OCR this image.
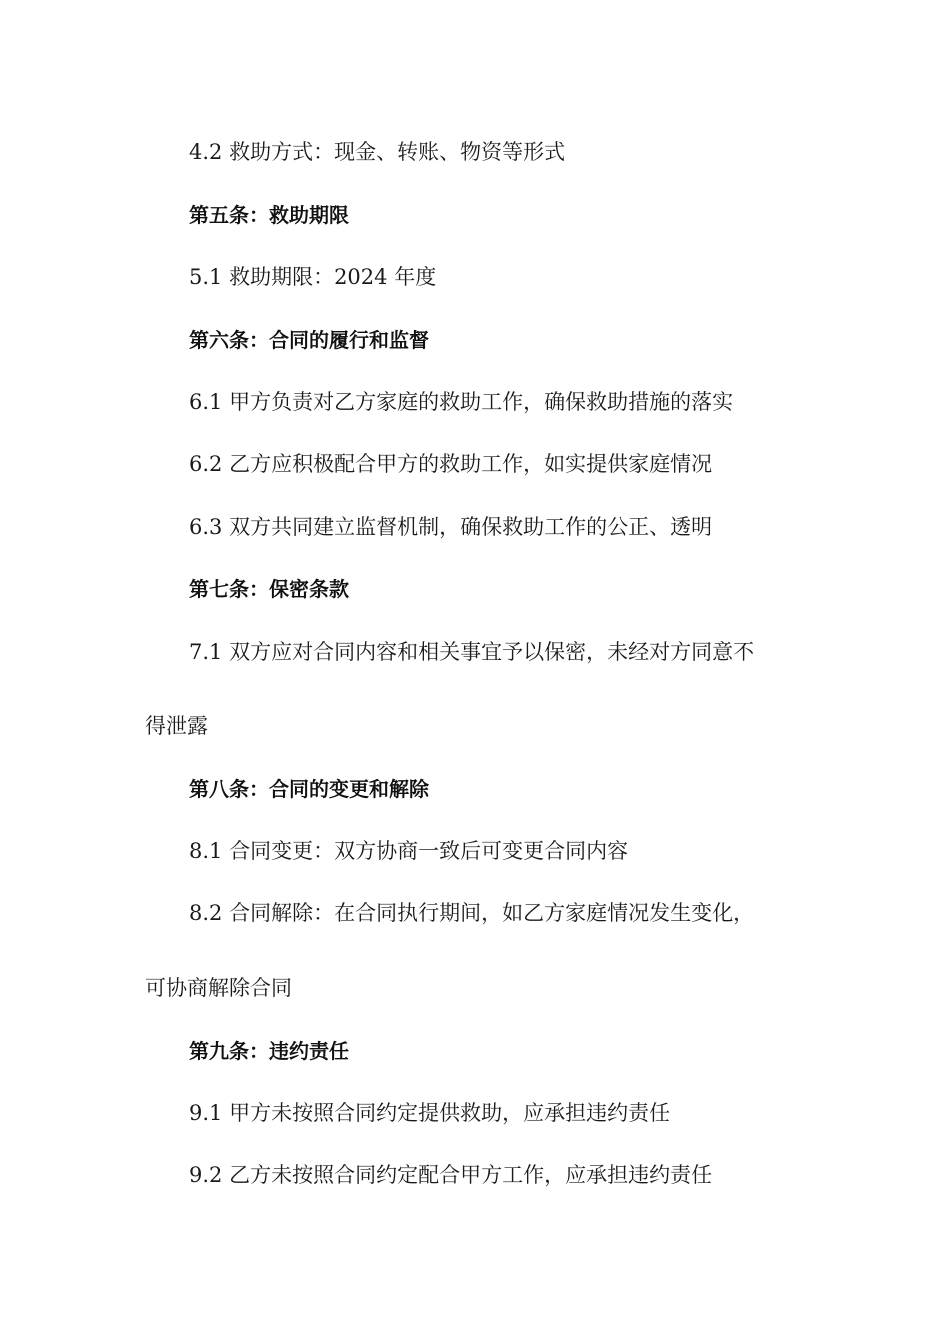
4.2 救助方式：现金、转账、物资等形式
第五条：救助期限
5.1 救助期限：2024 年度
第六条：合同的履行和监督
6.1 甲方负责对乙方家庭的救助工作，确保救助措施的落实
6.2 乙方应积极配合甲方的救助工作，如实提供家庭情况
6.3 双方共同建立监督机制，确保救助工作的公正、透明
第七条：保密条款
7.1 双方应对合同内容和相关事宜予以保密，未经对方同意不
得泄露
第八条：合同的变更和解除
8.1 合同变更：双方协商一致后可变更合同内容
8.2 合同解除：在合同执行期间，如乙方家庭情况发生变化，
可协商解除合同
第九条：违约责任
9.1 甲方未按照合同约定提供救助，应承担违约责任
9.2 乙方未按照合同约定配合甲方工作，应承担违约责任
